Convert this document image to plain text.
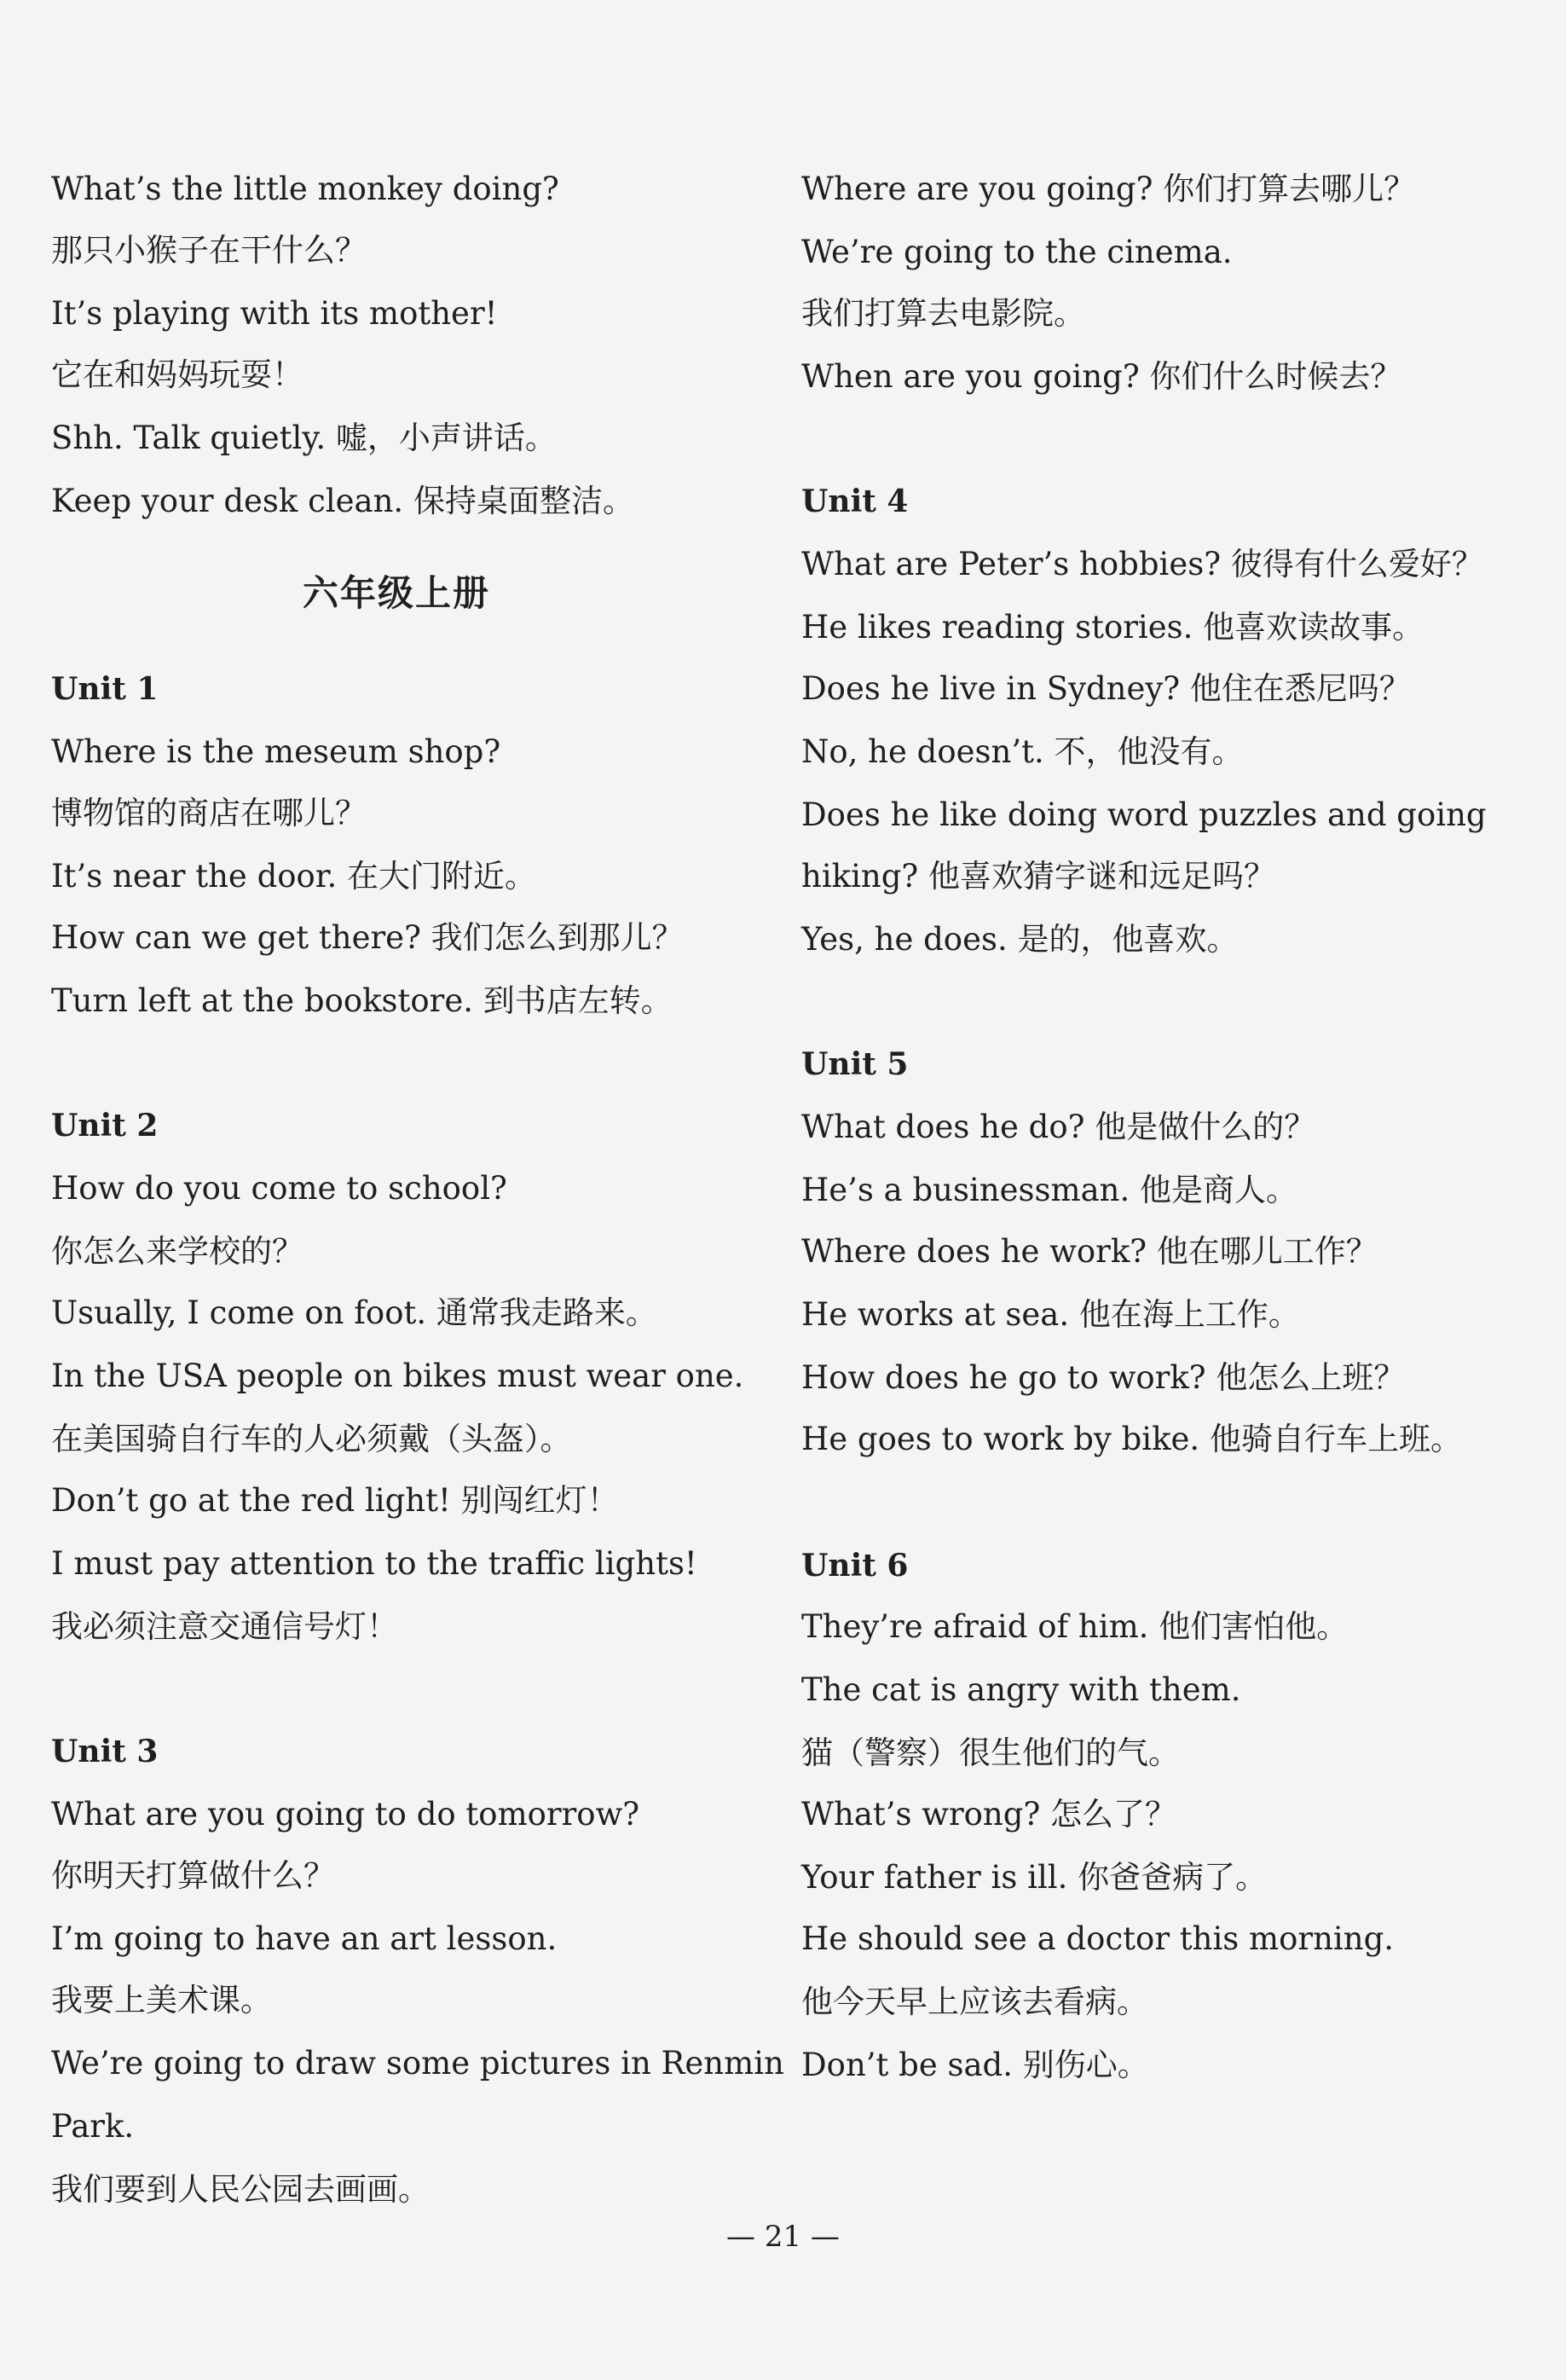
What’s the little monkey doing?
那只小猴子在干什么？
It’s playing with its mother!
它在和妈妈玩耍！
Shh. Talk quietly. 嘘，小声讲话。
Keep your desk clean. 保持桌面整洁。
六年级上册
Unit 1
Where is the meseum shop?
博物馆的商店在哪儿？
It’s near the door. 在大门附近。
How can we get there? 我们怎么到那儿？
Turn left at the bookstore. 到书店左转。
Unit 2
How do you come to school?
你怎么来学校的？
Usually, I come on foot. 通常我走路来。
In the USA people on bikes must wear one.
在美国骑自行车的人必须戴（头盔）。
Don’t go at the red light! 别闯红灯！
I must pay attention to the traffic lights!
我必须注意交通信号灯！
Unit 3
What are you going to do tomorrow?
你明天打算做什么？
I’m going to have an art lesson.
我要上美术课。
We’re going to draw some pictures in Renmin
Park.
我们要到人民公园去画画。
Where are you going? 你们打算去哪儿？
We’re going to the cinema.
我们打算去电影院。
When are you going? 你们什么时候去？
Unit 4
What are Peter’s hobbies? 彼得有什么爱好？
He likes reading stories. 他喜欢读故事。
Does he live in Sydney? 他住在悉尼吗？
No, he doesn’t. 不，他没有。
Does he like doing word puzzles and going
hiking? 他喜欢猜字谜和远足吗？
Yes, he does. 是的，他喜欢。
Unit 5
What does he do? 他是做什么的？
He’s a businessman. 他是商人。
Where does he work? 他在哪儿工作？
He works at sea. 他在海上工作。
How does he go to work? 他怎么上班？
He goes to work by bike. 他骑自行车上班。
Unit 6
They’re afraid of him. 他们害怕他。
The cat is angry with them.
猫（警察）很生他们的气。
What’s wrong? 怎么了？
Your father is ill. 你爸爸病了。
He should see a doctor this morning.
他今天早上应该去看病。
Don’t be sad. 别伤心。
— 21 —
